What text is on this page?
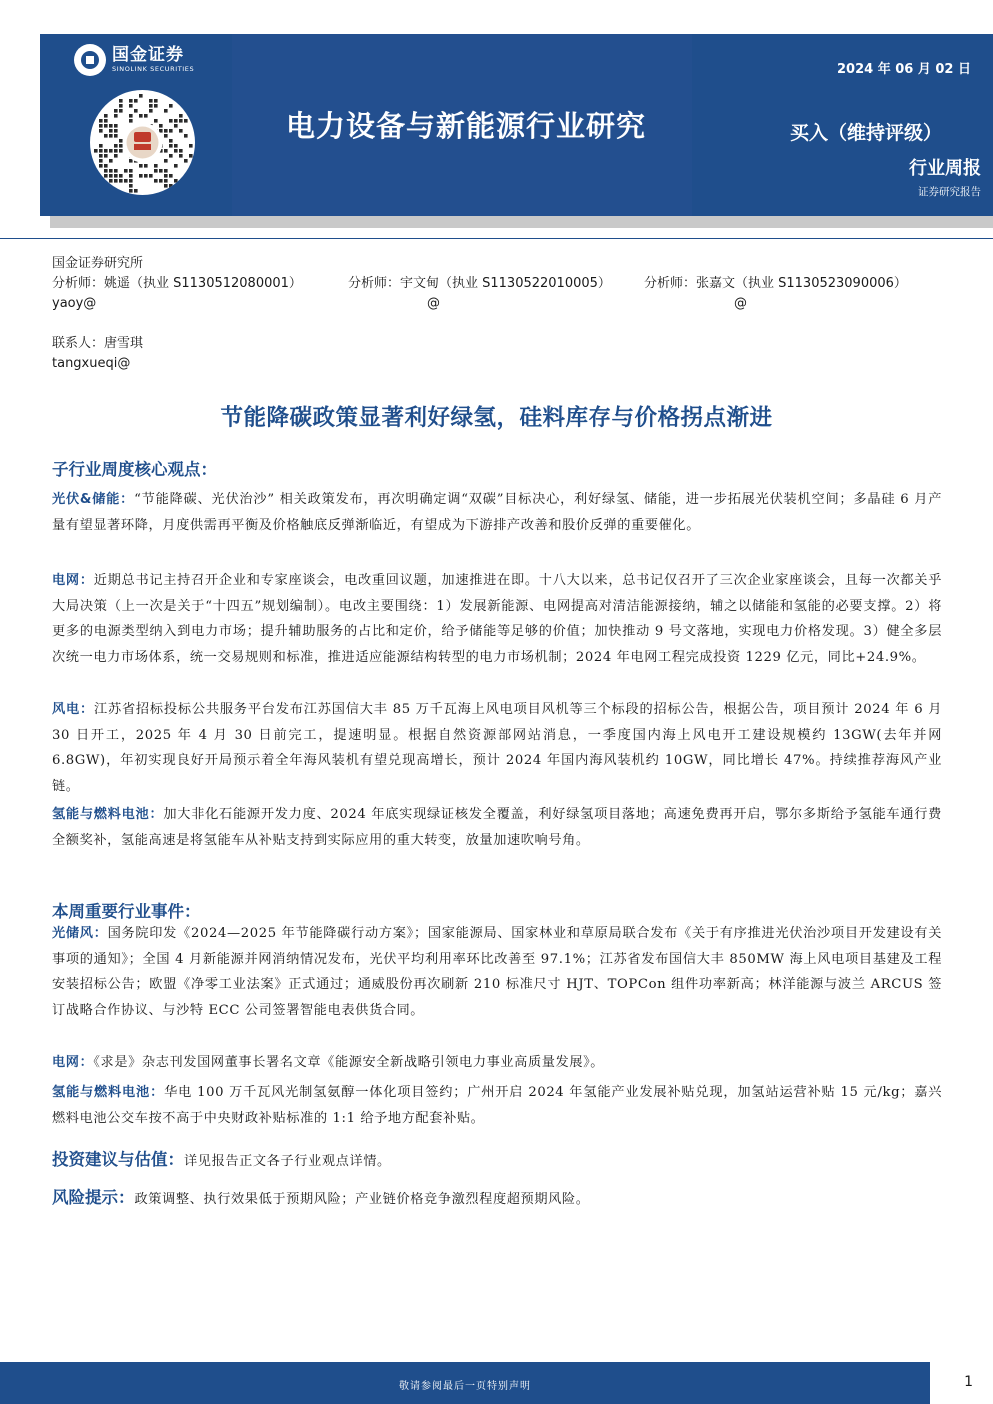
国金证券
SINOLINK SECURITIES	2024 年 06 月 02 日
电力设备与新能源行业研究	买入（维持评级）
行业周报
证券研究报告
国金证券研究所
分析师：姚遥（执业 S1130512080001）
yaoy@
分析师：宇文甸（执业 S1130522010005）
@
分析师：张嘉文（执业 S1130523090006）
@
联系人：唐雪琪
tangxueqi@
节能降碳政策显著利好绿氢，硅料库存与价格拐点渐进
子行业周度核心观点：
光伏&储能：“节能降碳、光伏治沙” 相关政策发布，再次明确定调“双碳”目标决心，利好绿氢、储能，进一步拓展光伏装机空间；多晶硅 6 月产量有望显著环降，月度供需再平衡及价格触底反弹渐临近，有望成为下游排产改善和股价反弹的重要催化。
电网：近期总书记主持召开企业和专家座谈会，电改重回议题，加速推进在即。十八大以来，总书记仅召开了三次企业家座谈会，且每一次都关乎大局决策（上一次是关于“十四五”规划编制）。电改主要围绕：1）发展新能源、电网提高对清洁能源接纳，辅之以储能和氢能的必要支撑。2）将更多的电源类型纳入到电力市场；提升辅助服务的占比和定价，给予储能等足够的价值；加快推动 9 号文落地，实现电力价格发现。3）健全多层次统一电力市场体系，统一交易规则和标准，推进适应能源结构转型的电力市场机制；2024 年电网工程完成投资 1229 亿元，同比+24.9%。
风电：江苏省招标投标公共服务平台发布江苏国信大丰 85 万千瓦海上风电项目风机等三个标段的招标公告，根据公告，项目预计 2024 年 6 月 30 日开工，2025 年 4 月 30 日前完工，提速明显。根据自然资源部网站消息，一季度国内海上风电开工建设规模约 13GW(去年并网 6.8GW)，年初实现良好开局预示着全年海风装机有望兑现高增长，预计 2024 年国内海风装机约 10GW，同比增长 47%。持续推荐海风产业链。
氢能与燃料电池：加大非化石能源开发力度、2024 年底实现绿证核发全覆盖，利好绿氢项目落地；高速免费再开启，鄂尔多斯给予氢能车通行费全额奖补，氢能高速是将氢能车从补贴支持到实际应用的重大转变，放量加速吹响号角。
本周重要行业事件：
光储风：国务院印发《2024—2025 年节能降碳行动方案》；国家能源局、国家林业和草原局联合发布《关于有序推进光伏治沙项目开发建设有关事项的通知》；全国 4 月新能源并网消纳情况发布，光伏平均利用率环比改善至 97.1%；江苏省发布国信大丰 850MW 海上风电项目基建及工程安装招标公告；欧盟《净零工业法案》正式通过；通威股份再次刷新 210 标准尺寸 HJT、TOPCon 组件功率新高；林洋能源与波兰 ARCUS 签订战略合作协议、与沙特 ECC 公司签署智能电表供货合同。
电网：《求是》杂志刊发国网董事长署名文章《能源安全新战略引领电力事业高质量发展》。
氢能与燃料电池：华电 100 万千瓦风光制氢氨醇一体化项目签约；广州开启 2024 年氢能产业发展补贴兑现，加氢站运营补贴 15 元/kg；嘉兴燃料电池公交车按不高于中央财政补贴标准的 1:1 给予地方配套补贴。
投资建议与估值：详见报告正文各子行业观点详情。
风险提示：政策调整、执行效果低于预期风险；产业链价格竞争激烈程度超预期风险。
敬请参阅最后一页特别声明	1
